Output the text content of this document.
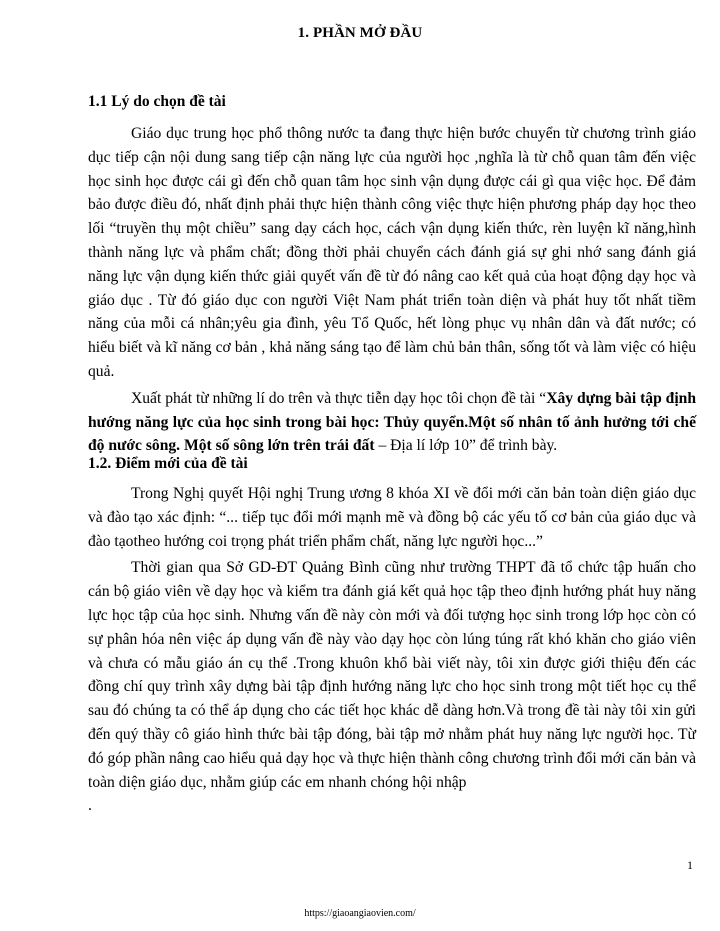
1. PHẦN MỞ ĐẦU
1.1 Lý do chọn đề tài

Giáo dục trung học phổ thông nước ta đang thực hiện bước chuyển từ chương trình giáo dục tiếp cận nội dung sang tiếp cận năng lực của người học ,nghĩa là từ chỗ quan tâm đến việc học sinh học được cái gì đến chỗ quan tâm học sinh vận dụng được cái gì qua việc học. Để đảm bảo được điều đó, nhất định phải thực hiện thành công việc thực hiện phương pháp dạy học theo lối “truyền thụ một chiều” sang dạy cách học, cách vận dụng kiến thức, rèn luyện kĩ năng,hình thành năng lực và phẩm chất; đồng thời phải chuyển cách đánh giá sự ghi nhớ sang đánh giá năng lực vận dụng kiến thức giải quyết vấn đề từ đó nâng cao kết quả của hoạt động dạy học và giáo dục . Từ đó giáo dục con người Việt Nam phát triển toàn diện và phát huy tốt nhất tiềm năng của mỗi cá nhân;yêu gia đình, yêu Tổ Quốc, hết lòng phục vụ nhân dân và đất nước; có hiểu biết và kĩ năng cơ bản , khả năng sáng tạo để làm chủ bản thân, sống tốt và làm việc có hiệu quả.

Xuất phát từ những lí do trên và thực tiễn dạy học tôi chọn đề tài “Xây dựng bài tập định hướng năng lực của học sinh trong bài học: Thủy quyển.Một số nhân tố ảnh hưởng tới chế độ nước sông. Một số sông lớn trên trái đất – Địa lí lớp 10” để trình bày.

1.2. Điểm mới của đề tài

Trong Nghị quyết Hội nghị Trung ương 8 khóa XI về đổi mới căn bản toàn diện giáo dục và đào tạo xác định: “... tiếp tục đổi mới mạnh mẽ và đồng bộ các yếu tố cơ bản của giáo dục và đào tạotheo hướng coi trọng phát triển phẩm chất, năng lực người học...”

Thời gian qua Sở GD-ĐT Quảng Bình cũng như trường THPT đã tổ chức tập huấn cho cán bộ giáo viên về dạy học và kiểm tra đánh giá kết quả học tập theo định hướng phát huy năng lực học tập của học sinh. Nhưng vấn đề này còn mới và đối tượng học sinh trong lớp học còn có sự phân hóa nên việc áp dụng vấn đề này vào dạy học còn lúng túng rất khó khăn cho giáo viên và chưa có mẫu giáo án cụ thể .Trong khuôn khổ bài viết này, tôi xin được giới thiệu đến các đồng chí quy trình xây dựng bài tập định hướng năng lực cho học sinh trong một tiết học cụ thể sau đó chúng ta có thể áp dụng cho các tiết học khác dễ dàng hơn.Và trong đề tài này tôi xin gửi đến quý thầy cô giáo hình thức bài tập đóng, bài tập mở nhằm phát huy năng lực người học. Từ đó góp phần nâng cao hiểu quả dạy học và thực hiện thành công chương trình đổi mới căn bản và toàn diện giáo dục, nhằm giúp các em nhanh chóng hội nhập

.

1
https://giaoangiaovien.com/
